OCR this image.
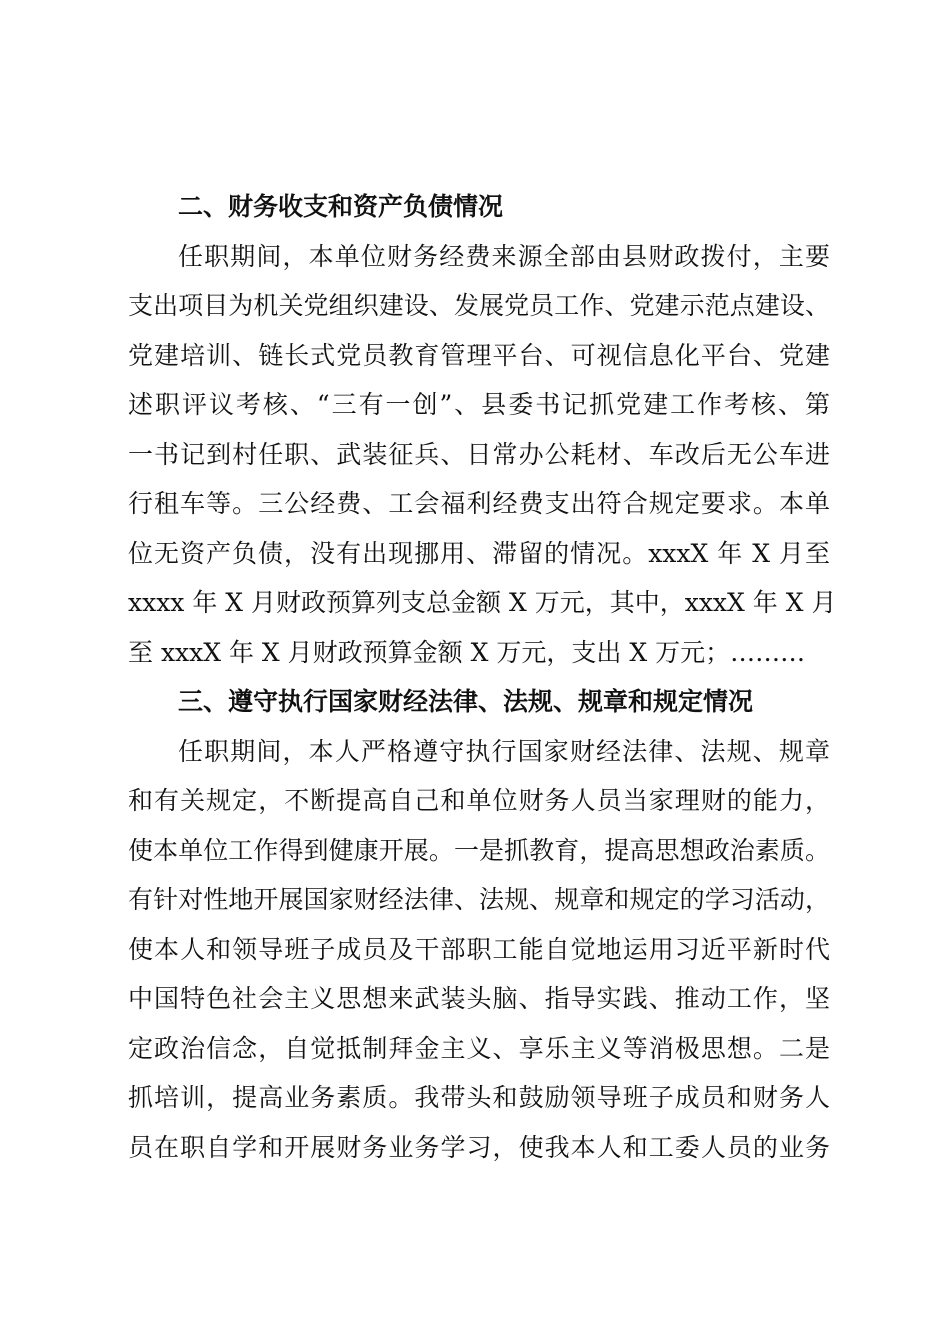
二、财务收支和资产负债情况
任职期间，本单位财务经费来源全部由县财政拨付，主要
支出项目为机关党组织建设、发展党员工作、党建示范点建设、
党建培训、链长式党员教育管理平台、可视信息化平台、党建
述职评议考核、“三有一创”、县委书记抓党建工作考核、第
一书记到村任职、武装征兵、日常办公耗材、车改后无公车进
行租车等。三公经费、工会福利经费支出符合规定要求。本单
位无资产负债，没有出现挪用、滞留的情况。xxxX 年 X 月至
xxxx 年 X 月财政预算列支总金额 X 万元，其中，xxxX 年 X 月
至 xxxX 年 X 月财政预算金额 X 万元，支出 X 万元；………
三、遵守执行国家财经法律、法规、规章和规定情况
任职期间，本人严格遵守执行国家财经法律、法规、规章
和有关规定，不断提高自己和单位财务人员当家理财的能力，
使本单位工作得到健康开展。一是抓教育，提高思想政治素质。
有针对性地开展国家财经法律、法规、规章和规定的学习活动，
使本人和领导班子成员及干部职工能自觉地运用习近平新时代
中国特色社会主义思想来武装头脑、指导实践、推动工作，坚
定政治信念，自觉抵制拜金主义、享乐主义等消极思想。二是
抓培训，提高业务素质。我带头和鼓励领导班子成员和财务人
员在职自学和开展财务业务学习，使我本人和工委人员的业务
